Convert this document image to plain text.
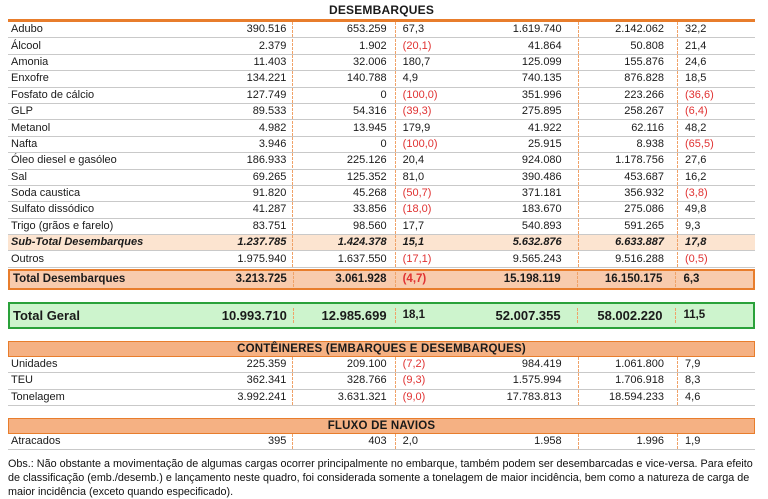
DESEMBARQUES
Adubo	390.516	653.259	67,3	1.619.740	2.142.062	32,2
Álcool	2.379	1.902	(20,1)	41.864	50.808	21,4
Amonia	11.403	32.006	180,7	125.099	155.876	24,6
Enxofre	134.221	140.788	4,9	740.135	876.828	18,5
Fosfato de cálcio	127.749	0	(100,0)	351.996	223.266	(36,6)
GLP	89.533	54.316	(39,3)	275.895	258.267	(6,4)
Metanol	4.982	13.945	179,9	41.922	62.116	48,2
Nafta	3.946	0	(100,0)	25.915	8.938	(65,5)
Óleo diesel e gasóleo	186.933	225.126	20,4	924.080	1.178.756	27,6
Sal	69.265	125.352	81,0	390.486	453.687	16,2
Soda caustica	91.820	45.268	(50,7)	371.181	356.932	(3,8)
Sulfato dissódico	41.287	33.856	(18,0)	183.670	275.086	49,8
Trigo (grãos e farelo)	83.751	98.560	17,7	540.893	591.265	9,3
Sub-Total Desembarques	1.237.785	1.424.378	15,1	5.632.876	6.633.887	17,8
Outros	1.975.940	1.637.550	(17,1)	9.565.243	9.516.288	(0,5)
Total Desembarques	3.213.725	3.061.928	(4,7)	15.198.119	16.150.175	6,3
Total Geral	10.993.710	12.985.699	18,1	52.007.355	58.002.220	11,5
CONTÊINERES (EMBARQUES E DESEMBARQUES)
Unidades	225.359	209.100	(7,2)	984.419	1.061.800	7,9
TEU	362.341	328.766	(9,3)	1.575.994	1.706.918	8,3
Tonelagem	3.992.241	3.631.321	(9,0)	17.783.813	18.594.233	4,6
FLUXO DE NAVIOS
Atracados	395	403	2,0	1.958	1.996	1,9
Obs.: Não obstante a movimentação de algumas cargas ocorrer principalmente no embarque, também podem ser desembarcadas e vice-versa. Para efeito de classificação (emb./desemb.) e lançamento neste quadro, foi considerada somente a tonelagem de maior incidência, bem como a natureza de carga de maior incidência (exceto quando especificado).
